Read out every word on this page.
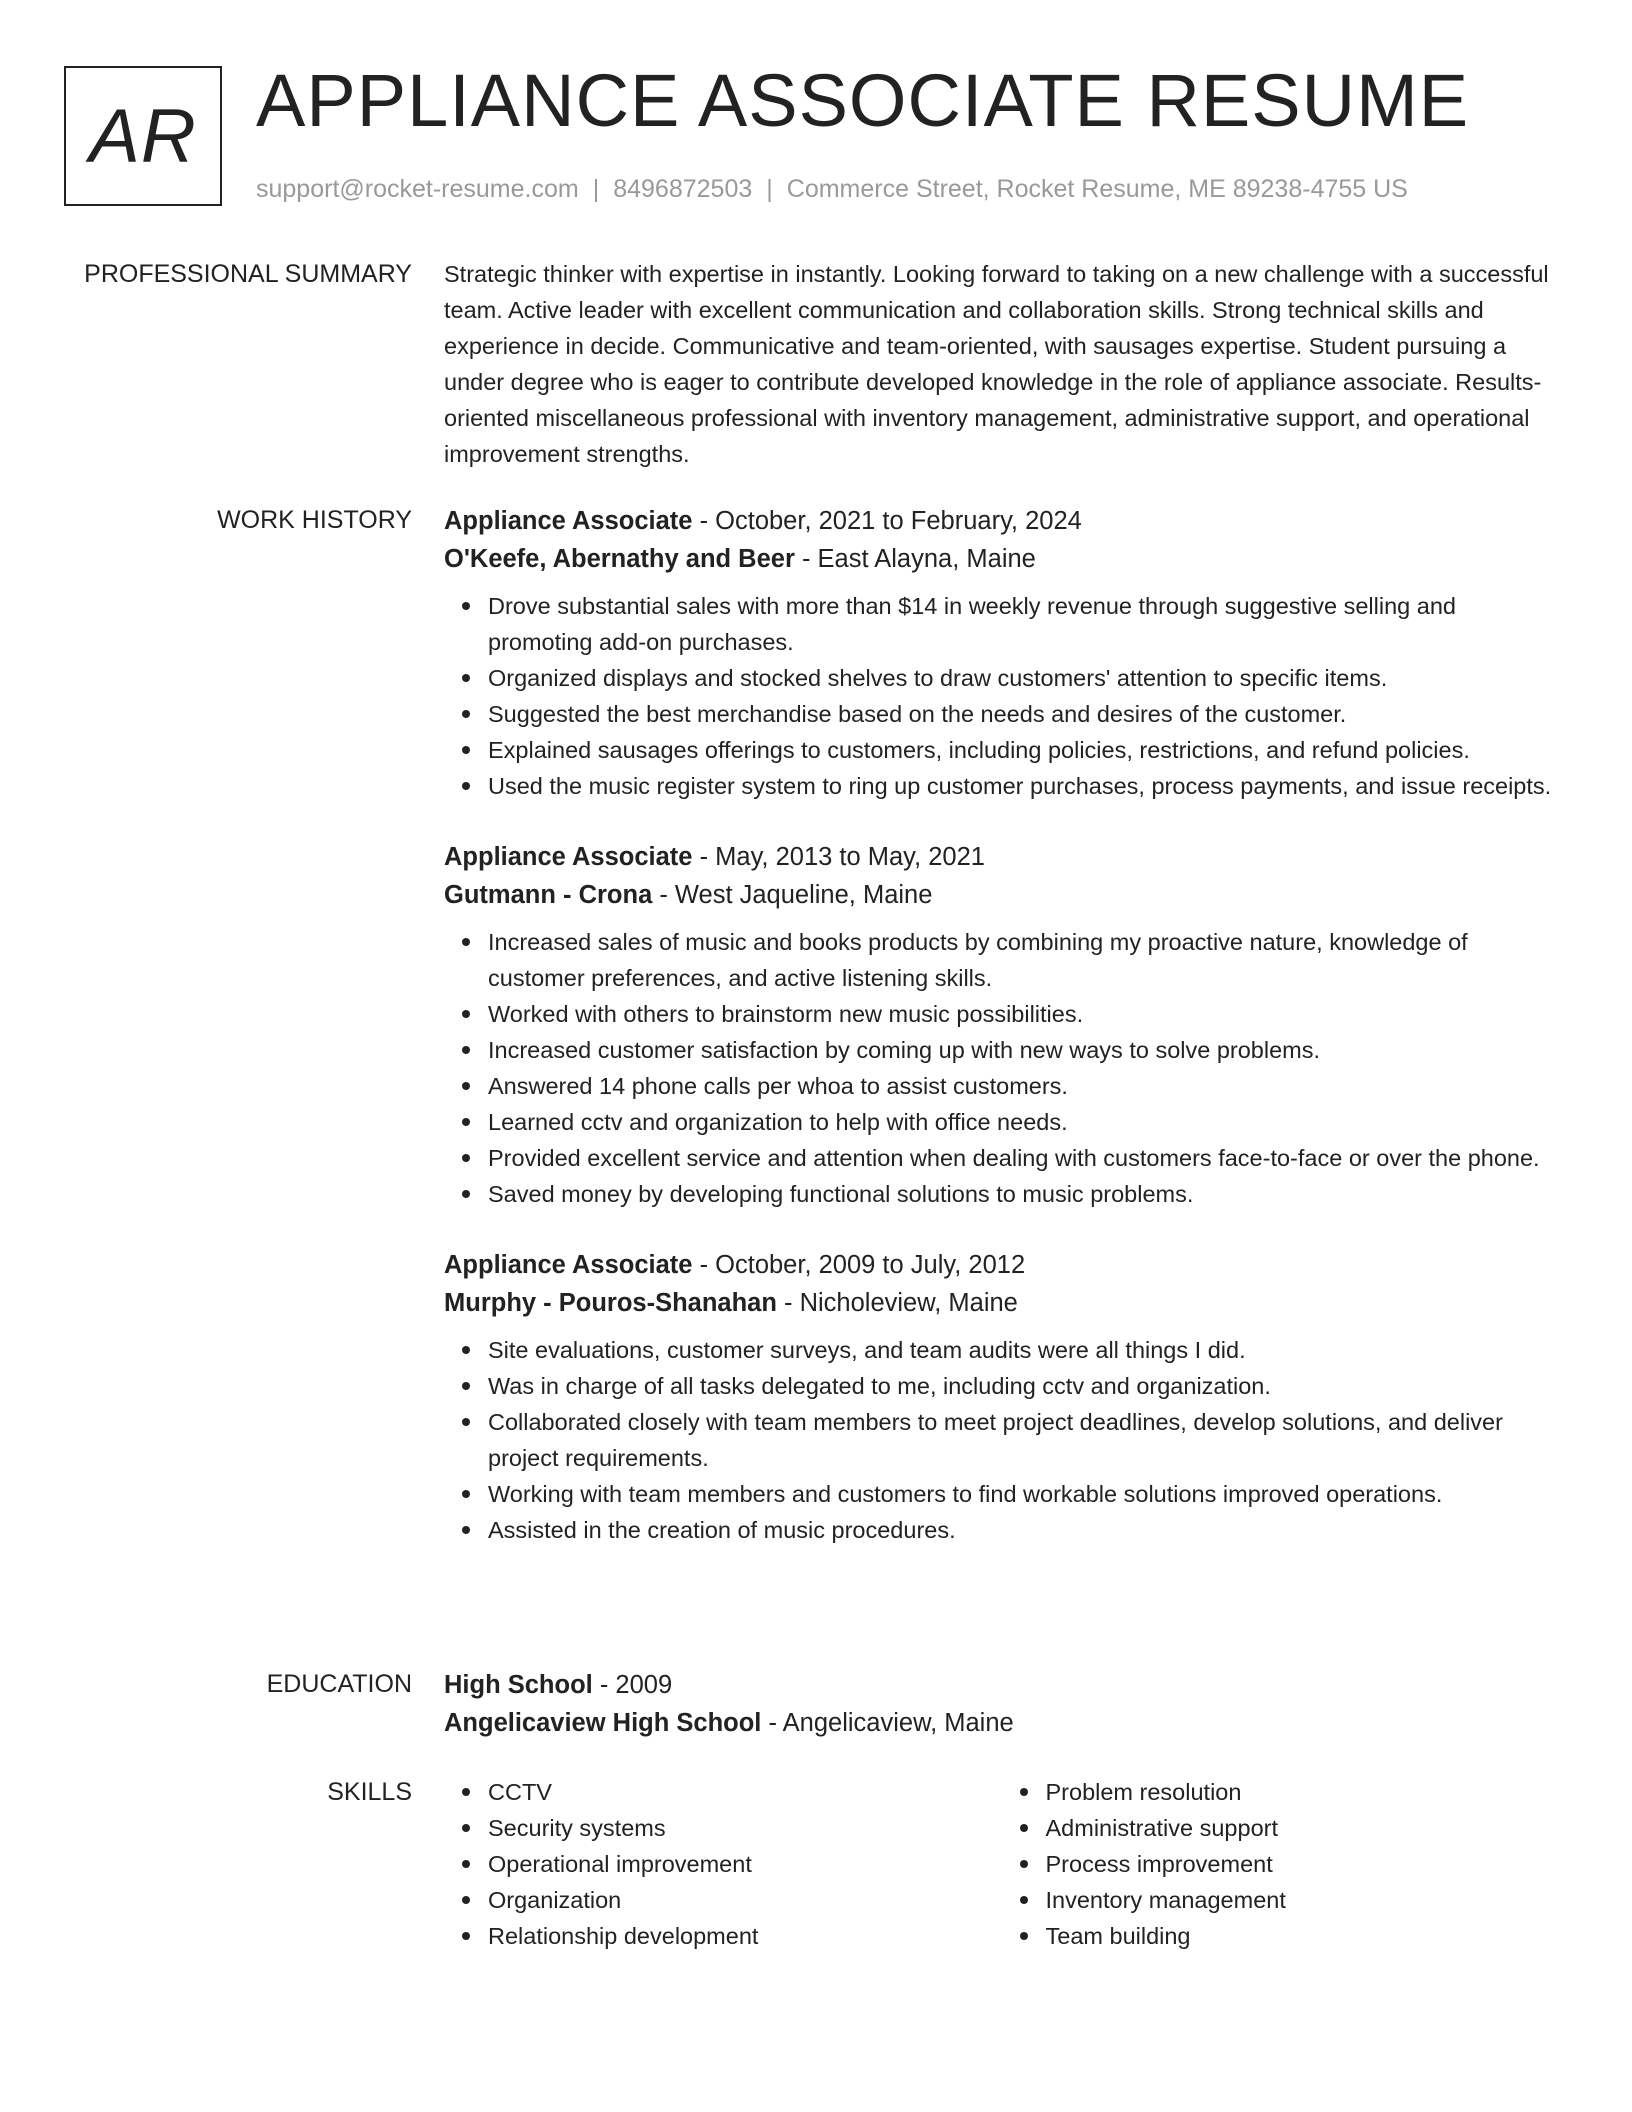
AR APPLIANCE ASSOCIATE RESUME
support@rocket-resume.com | 8496872503 | Commerce Street, Rocket Resume, ME 89238-4755 US
PROFESSIONAL SUMMARY Strategic thinker with expertise in instantly. Looking forward to taking on a new challenge with a successful team. Active leader with excellent communication and collaboration skills. Strong technical skills and experience in decide. Communicative and team-oriented, with sausages expertise. Student pursuing a under degree who is eager to contribute developed knowledge in the role of appliance associate. Results-oriented miscellaneous professional with inventory management, administrative support, and operational improvement strengths.

WORK HISTORY Appliance Associate - October, 2021 to February, 2024
O'Keefe, Abernathy and Beer - East Alayna, Maine
Drove substantial sales with more than $14 in weekly revenue through suggestive selling and promoting add-on purchases.
Organized displays and stocked shelves to draw customers' attention to specific items.
Suggested the best merchandise based on the needs and desires of the customer.
Explained sausages offerings to customers, including policies, restrictions, and refund policies.
Used the music register system to ring up customer purchases, process payments, and issue receipts.
Appliance Associate - May, 2013 to May, 2021
Gutmann - Crona - West Jaqueline, Maine
Increased sales of music and books products by combining my proactive nature, knowledge of customer preferences, and active listening skills.
Worked with others to brainstorm new music possibilities.
Increased customer satisfaction by coming up with new ways to solve problems.
Answered 14 phone calls per whoa to assist customers.
Learned cctv and organization to help with office needs.
Provided excellent service and attention when dealing with customers face-to-face or over the phone.
Saved money by developing functional solutions to music problems.
Appliance Associate - October, 2009 to July, 2012
Murphy - Pouros-Shanahan - Nicholeview, Maine
Site evaluations, customer surveys, and team audits were all things I did.
Was in charge of all tasks delegated to me, including cctv and organization.
Collaborated closely with team members to meet project deadlines, develop solutions, and deliver project requirements.
Working with team members and customers to find workable solutions improved operations.
Assisted in the creation of music procedures.
EDUCATION High School - 2009
Angelicaview High School - Angelicaview, Maine
SKILLS	CCTV
Security systems
Operational improvement
Organization
Relationship development
Problem resolution
Administrative support
Process improvement
Inventory management
Team building
